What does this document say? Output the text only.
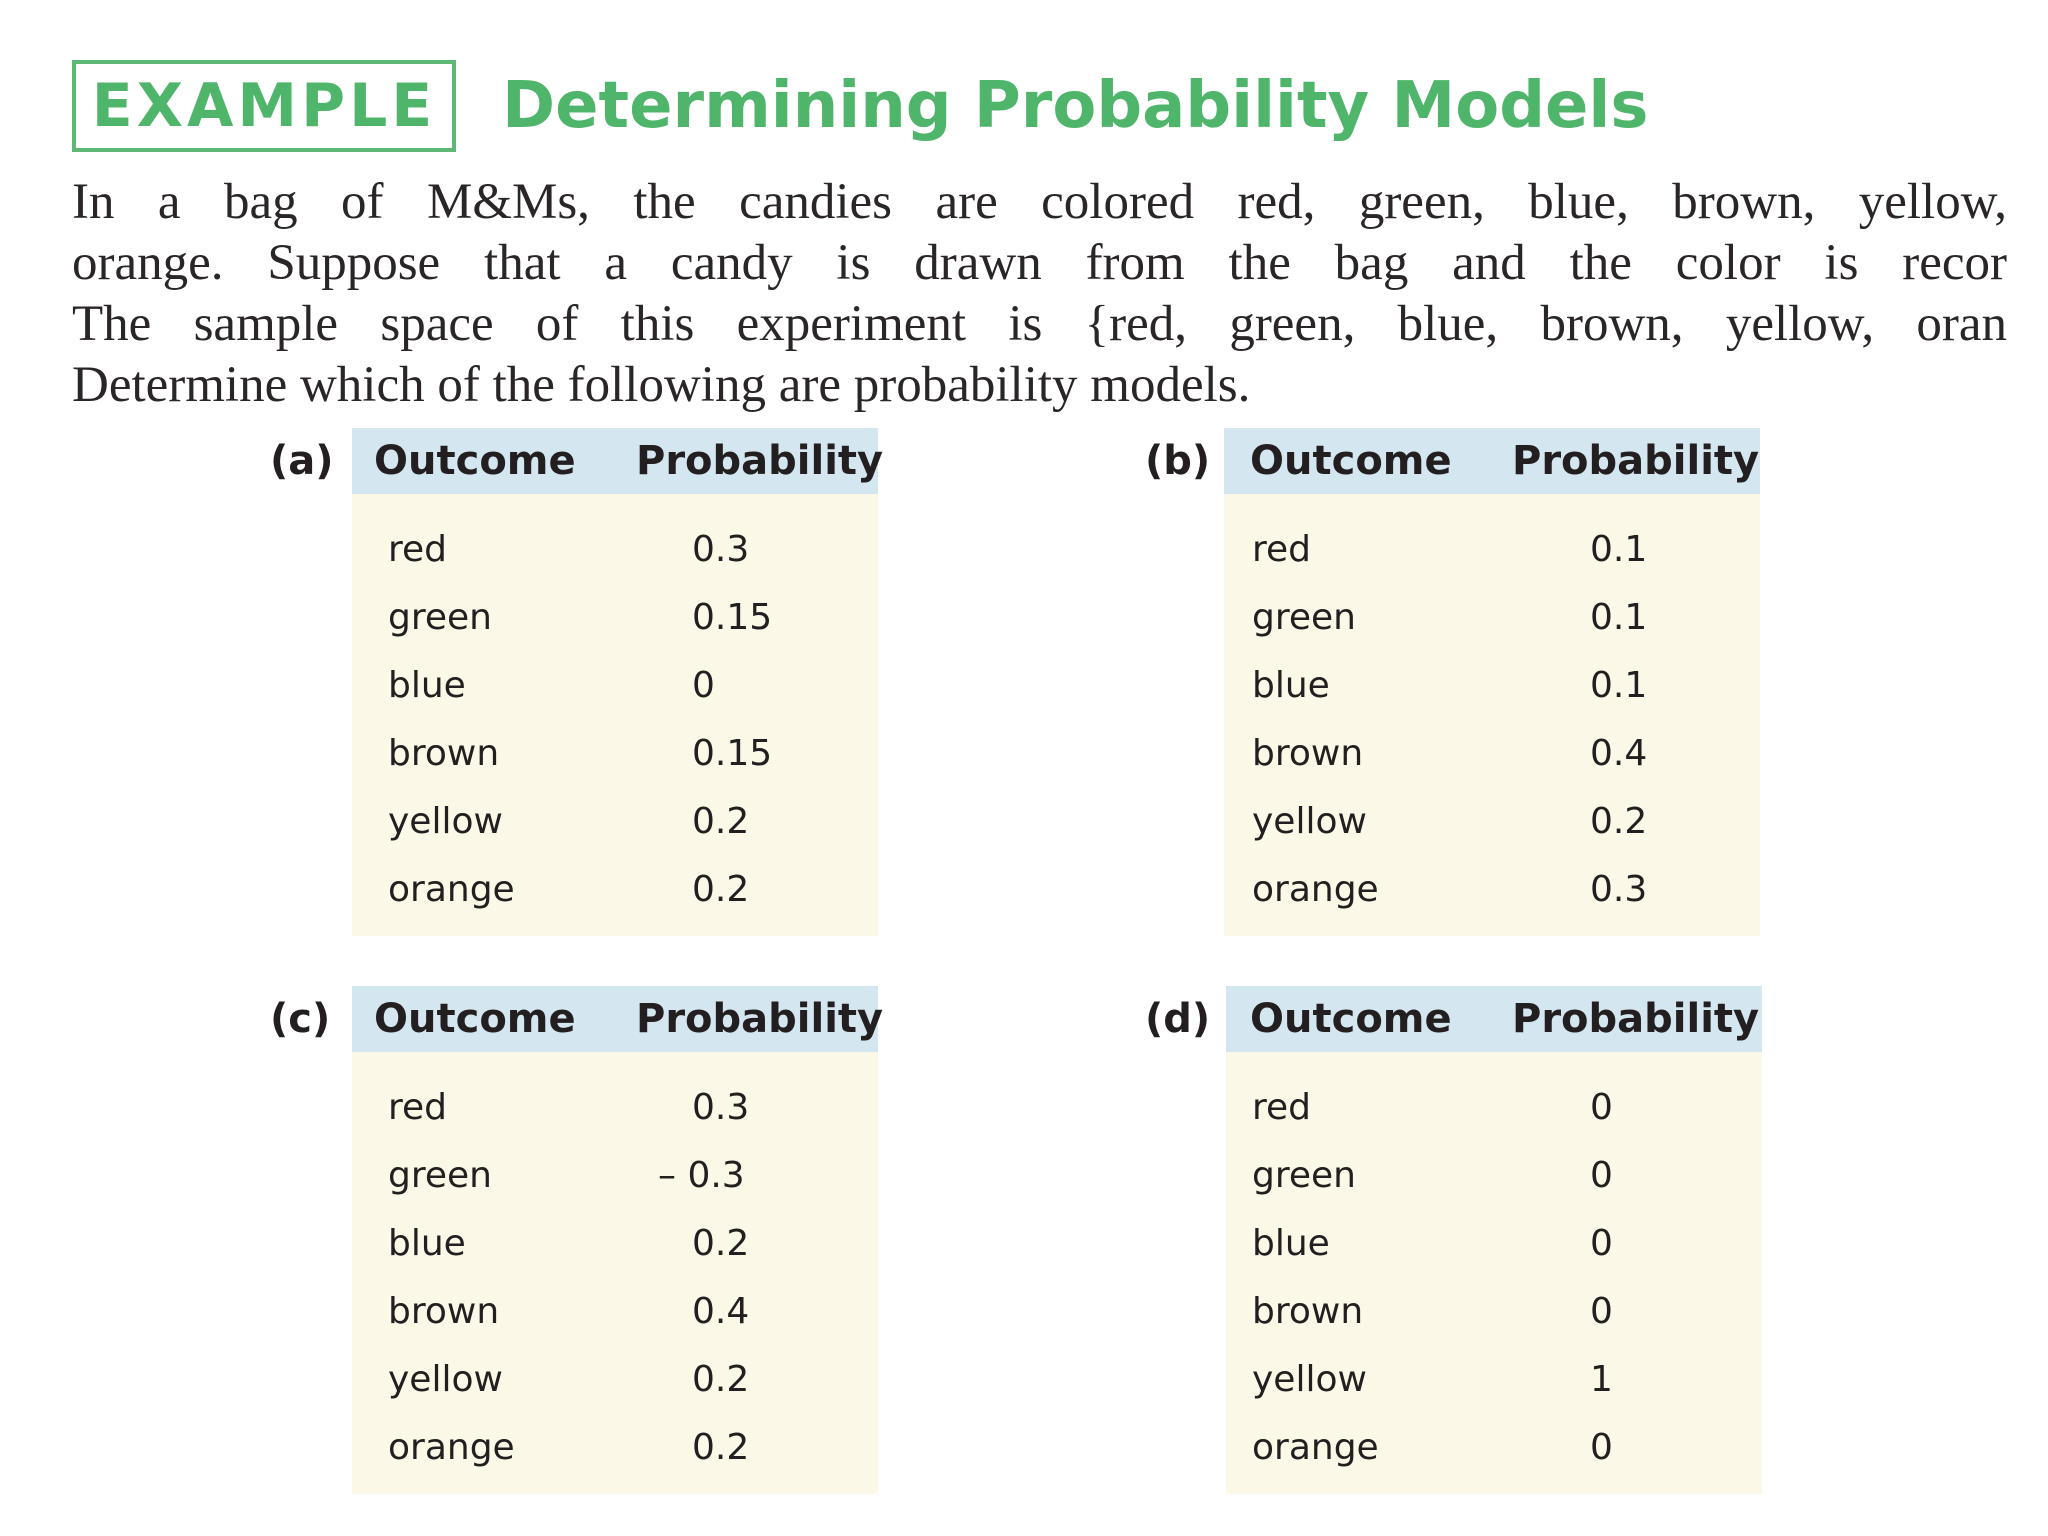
EXAMPLE Determining Probability Models
In a bag of M&Ms, the candies are colored red, green, blue, brown, yellow,
orange. Suppose that a candy is drawn from the bag and the color is recor
The sample space of this experiment is {red, green, blue, brown, yellow, oran
Determine which of the following are probability models.
(a) Outcome Probability
red	0.3
green	0.15
blue	0
brown	0.15
yellow	0.2
orange	0.2
(b) Outcome Probability
red	0.1
green	0.1
blue	0.1
brown	0.4
yellow	0.2
orange	0.3
(c) Outcome Probability
red	0.3
green	– 0.3
blue	0.2
brown	0.4
yellow	0.2
orange	0.2
(d) Outcome Probability
red	0
green	0
blue	0
brown	0
yellow	1
orange	0
